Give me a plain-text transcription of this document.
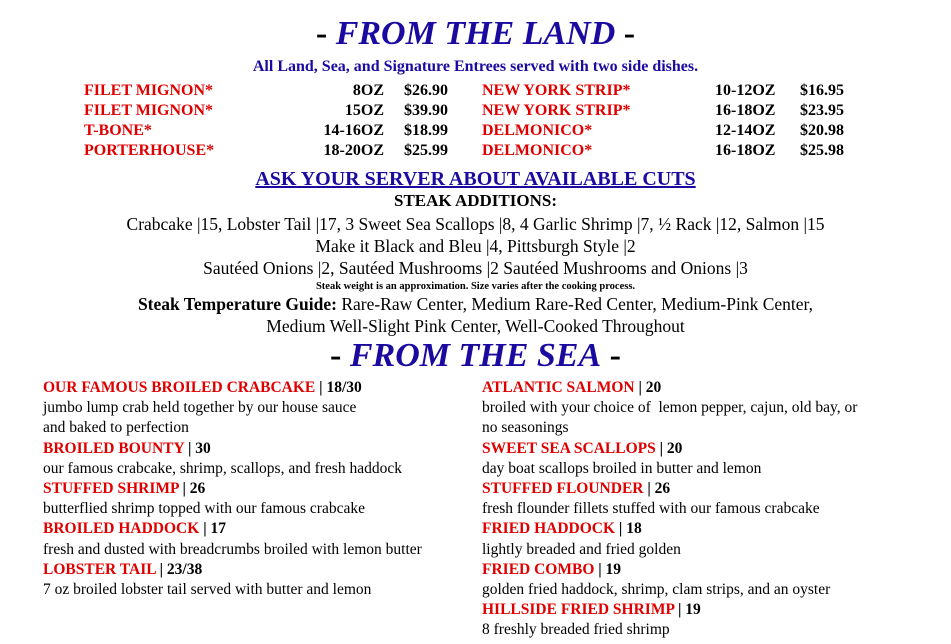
- FROM THE LAND -
All Land, Sea, and Signature Entrees served with two side dishes.
FILET MIGNON*	8OZ $26.90
FILET MIGNON*	15OZ $39.90
T-BONE*	14-16OZ $18.99
PORTERHOUSE*	18-20OZ $25.99
NEW YORK STRIP*	10-12OZ $16.95
NEW YORK STRIP*	16-18OZ $23.95
DELMONICO*	12-14OZ $20.98
DELMONICO*	16-18OZ $25.98
ASK YOUR SERVER ABOUT AVAILABLE CUTS
STEAK ADDITIONS:
Crabcake |15, Lobster Tail |17, 3 Sweet Sea Scallops |8, 4 Garlic Shrimp |7, ½ Rack |12, Salmon |15
Make it Black and Bleu |4, Pittsburgh Style |2
Sautéed Onions |2, Sautéed Mushrooms |2 Sautéed Mushrooms and Onions |3
Steak weight is an approximation. Size varies after the cooking process.
Steak Temperature Guide: Rare-Raw Center, Medium Rare-Red Center, Medium-Pink Center,
Medium Well-Slight Pink Center, Well-Cooked Throughout
- FROM THE SEA -
OUR FAMOUS BROILED CRABCAKE | 18/30
jumbo lump crab held together by our house sauce
and baked to perfection
BROILED BOUNTY | 30
our famous crabcake, shrimp, scallops, and fresh haddock
STUFFED SHRIMP | 26
butterflied shrimp topped with our famous crabcake
BROILED HADDOCK | 17
fresh and dusted with breadcrumbs broiled with lemon butter
LOBSTER TAIL | 23/38
7 oz broiled lobster tail served with butter and lemon
ATLANTIC SALMON | 20
broiled with your choice of  lemon pepper, cajun, old bay, or
no seasonings
SWEET SEA SCALLOPS | 20
day boat scallops broiled in butter and lemon
STUFFED FLOUNDER | 26
fresh flounder fillets stuffed with our famous crabcake
FRIED HADDOCK | 18
lightly breaded and fried golden
FRIED COMBO | 19
golden fried haddock, shrimp, clam strips, and an oyster
HILLSIDE FRIED SHRIMP | 19
8 freshly breaded fried shrimp
